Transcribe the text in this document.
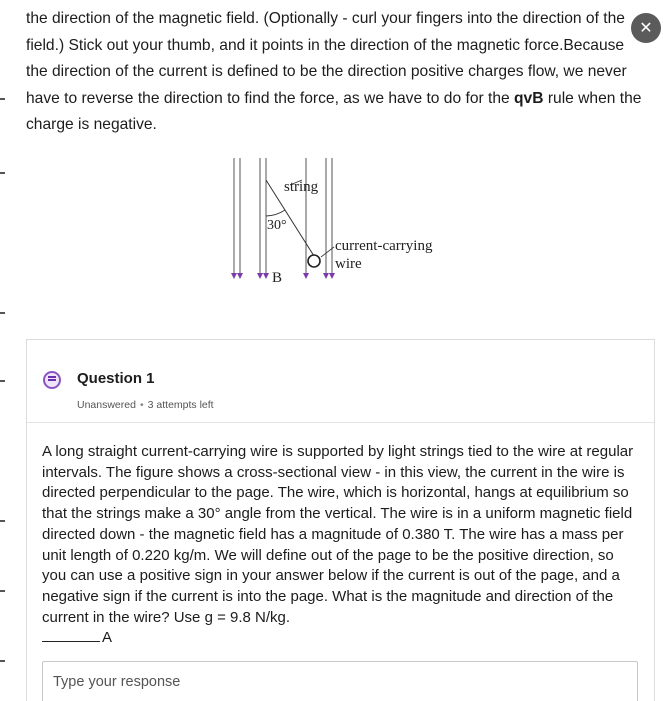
the direction of the magnetic field. (Optionally - curl your fingers into the direction of the field.) Stick out your thumb, and it points in the direction of the magnetic force.Because the direction of the current is defined to be the direction positive charges flow, we never have to reverse the direction to find the force, as we have to do for the qvB rule when the charge is negative.
✕
string
30°
current-carrying
wire
B
Question 1
Unanswered • 3 attempts left
A long straight current-carrying wire is supported by light strings tied to the wire at regular intervals. The figure shows a cross-sectional view - in this view, the current in the wire is directed perpendicular to the page. The wire, which is horizontal, hangs at equilibrium so that the strings make a 30° angle from the vertical. The wire is in a uniform magnetic field directed down - the magnetic field has a magnitude of 0.380 T. The wire has a mass per unit length of 0.220 kg/m. We will define out of the page to be the positive direction, so you can use a positive sign in your answer below if the current is out of the page, and a negative sign if the current is into the page. What is the magnitude and direction of the current in the wire? Use g = 9.8 N/kg.
A
Type your response
